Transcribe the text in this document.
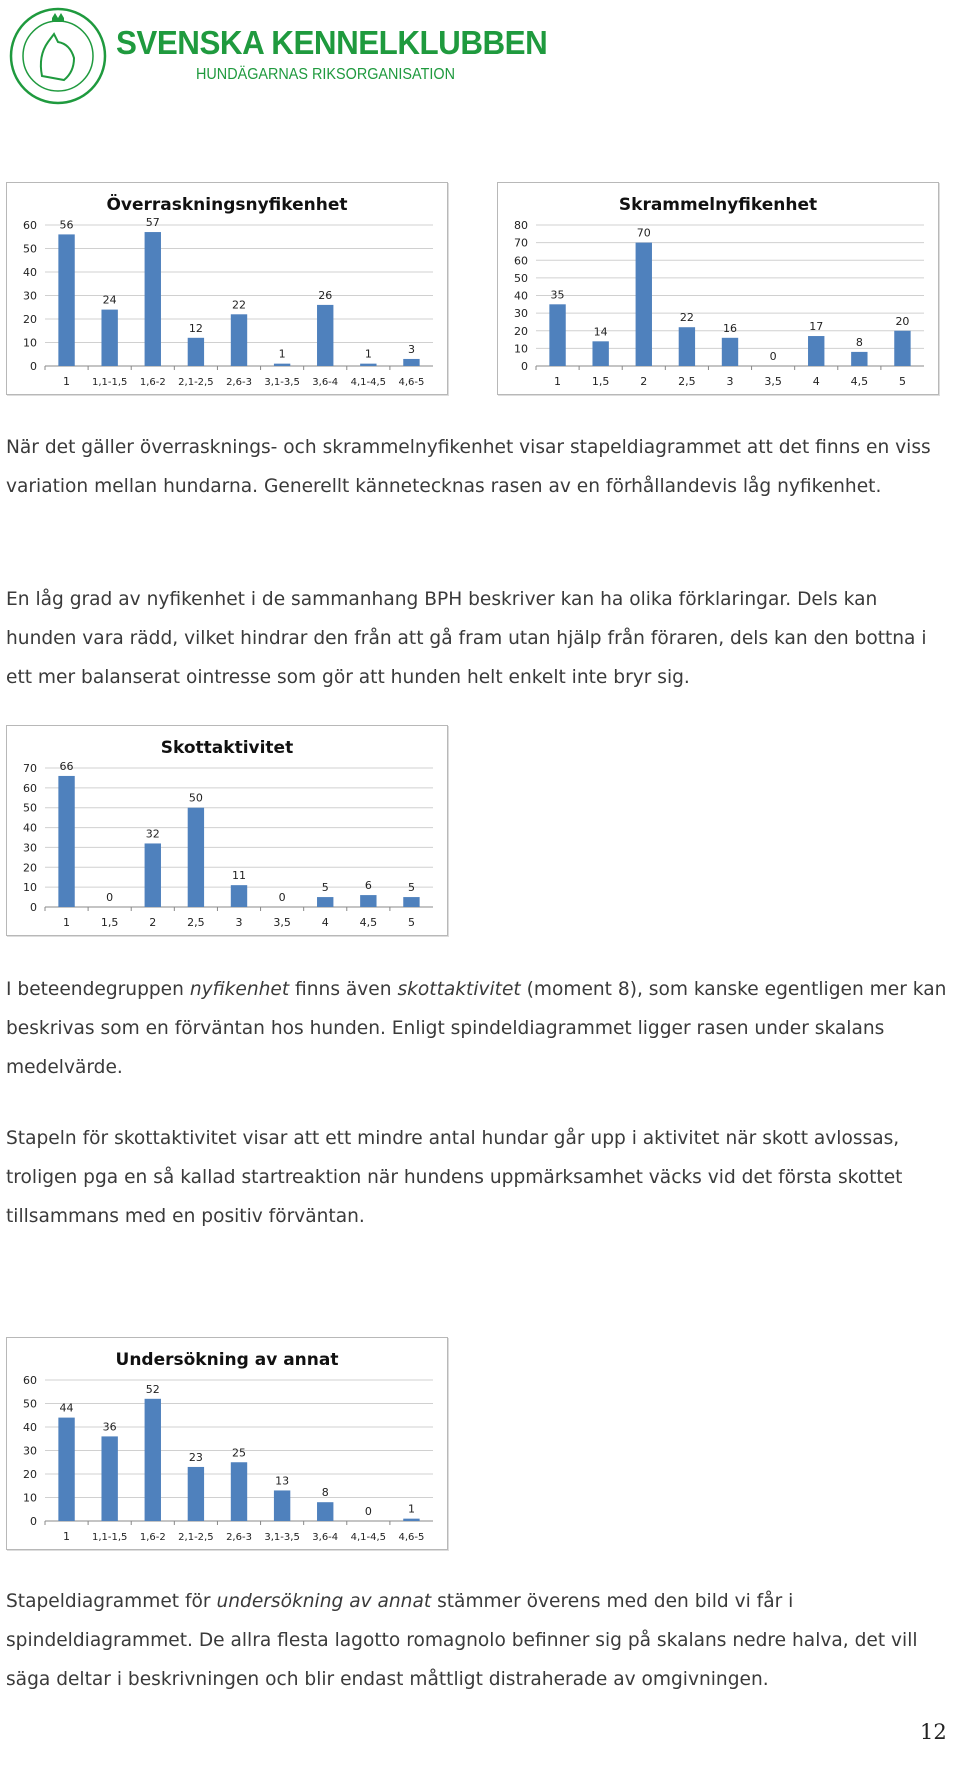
SVENSKA KENNELKLUBBEN
HUNDÄGARNAS RIKSORGANISATION
Överraskningsnyfikenhet
0
10
20
30
40
50
60 56
1
24
1,1-1,5
57
1,6-2
12
2,1-2,5
22
2,6-3
1
3,1-3,5
26
3,6-4
1
4,1-4,5
3
4,6-5
Skrammelnyfikenhet
0
10
20
30
40
50
60
70
80
35
1
14
1,5
70
2
22
2,5
16
3
0
3,5
17
4
8
4,5
20
5
När det gäller överrasknings- och skrammelnyfikenhet visar stapeldiagrammet att det finns en viss variation mellan hundarna. Generellt kännetecknas rasen av en förhållandevis låg nyfikenhet.
En låg grad av nyfikenhet i de sammanhang BPH beskriver kan ha olika förklaringar. Dels kan hunden vara rädd, vilket hindrar den från att gå fram utan hjälp från föraren, dels kan den bottna i ett mer balanserat ointresse som gör att hunden helt enkelt inte bryr sig.
Skottaktivitet
0
10
20
30
40
50
60
70 66
1
0
1,5
32
2
50
2,5
11
3
0
3,5
5
4
6
4,5
5
5
I beteendegruppen nyfikenhet finns även skottaktivitet (moment 8), som kanske egentligen mer kan beskrivas som en förväntan hos hunden. Enligt spindeldiagrammet ligger rasen under skalans medelvärde.
Stapeln för skottaktivitet visar att ett mindre antal hundar går upp i aktivitet när skott avlossas, troligen pga en så kallad startreaktion när hundens uppmärksamhet väcks vid det första skottet tillsammans med en positiv förväntan.
Undersökning av annat
0
10
20
30
40
50
60
44
1
36
1,1-1,5
52
1,6-2
23
2,1-2,5
25
2,6-3
13
3,1-3,5
8
3,6-4
0
4,1-4,5
1
4,6-5
Stapeldiagrammet för undersökning av annat stämmer överens med den bild vi får i spindeldiagrammet. De allra flesta lagotto romagnolo befinner sig på skalans nedre halva, det vill säga deltar i beskrivningen och blir endast måttligt distraherade av omgivningen.
12
